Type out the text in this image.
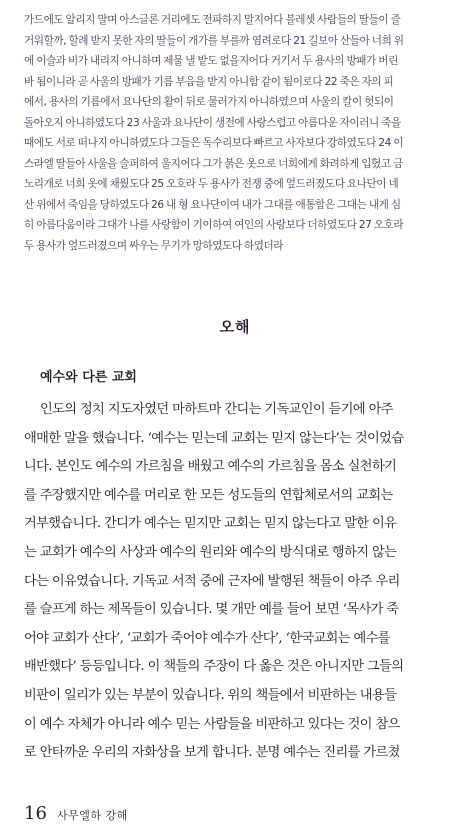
가드에도 알리지 말며 아스글론 거리에도 전파하지 말지어다 블레셋 사람들의 딸들이 즐
거워할까, 할례 받지 못한 자의 딸들이 개가를 부를까 염려로다 21 길보아 산들아 너희 위
에 이슬과 비가 내리지 아니하며 제물 낼 밭도 없을지어다 거기서 두 용사의 방패가 버린
바 됨이니라 곧 사울의 방패가 기름 부음을 받지 아니함 같이 됨이로다 22 죽은 자의 피
에서, 용사의 기름에서 요나단의 활이 뒤로 물러가지 아니하였으며 사울의 칼이 헛되이
돌아오지 아니하였도다 23 사울과 요나단이 생전에 사랑스럽고 아름다운 자이러니 죽을
때에도 서로 떠나지 아니하였도다 그들은 독수리보다 빠르고 사자보다 강하였도다 24 이
스라엘 딸들아 사울을 슬퍼하여 울지어다 그가 붉은 옷으로 너희에게 화려하게 입혔고 금
노리개로 너희 옷에 채웠도다 25 오호라 두 용사가 전쟁 중에 엎드러졌도다 요나단이 네
산 위에서 죽임을 당하였도다 26 내 형 요나단이여 내가 그대를 애통함은 그대는 내게 심
히 아름다움이라 그대가 나를 사랑함이 기이하여 여인의 사랑보다 더하였도다 27 오호라
두 용사가 엎드러졌으며 싸우는 무기가 망하였도다 하였더라
오해
예수와 다른 교회
인도의 정치 지도자였던 마하트마 간디는 기독교인이 듣기에 아주
애매한 말을 했습니다. ‘예수는 믿는데 교회는 믿지 않는다’는 것이었습
니다. 본인도 예수의 가르침을 배웠고 예수의 가르침을 몸소 실천하기
를 주장했지만 예수를 머리로 한 모든 성도들의 연합체로서의 교회는
거부했습니다. 간디가 예수는 믿지만 교회는 믿지 않는다고 말한 이유
는 교회가 예수의 사상과 예수의 원리와 예수의 방식대로 행하지 않는
다는 이유였습니다. 기독교 서적 중에 근자에 발행된 책들이 아주 우리
를 슬프게 하는 제목들이 있습니다. 몇 개만 예를 들어 보면 ‘목사가 죽
어야 교회가 산다’, ‘교회가 죽어야 예수가 산다’, ‘한국교회는 예수를
배반했다’ 등등입니다. 이 책들의 주장이 다 옳은 것은 아니지만 그들의
비판이 일리가 있는 부분이 있습니다. 위의 책들에서 비판하는 내용들
이 예수 자체가 아니라 예수 믿는 사람들을 비판하고 있다는 것이 참으
로 안타까운 우리의 자화상을 보게 합니다. 분명 예수는 진리를 가르쳤
16 사무엘하 강해
